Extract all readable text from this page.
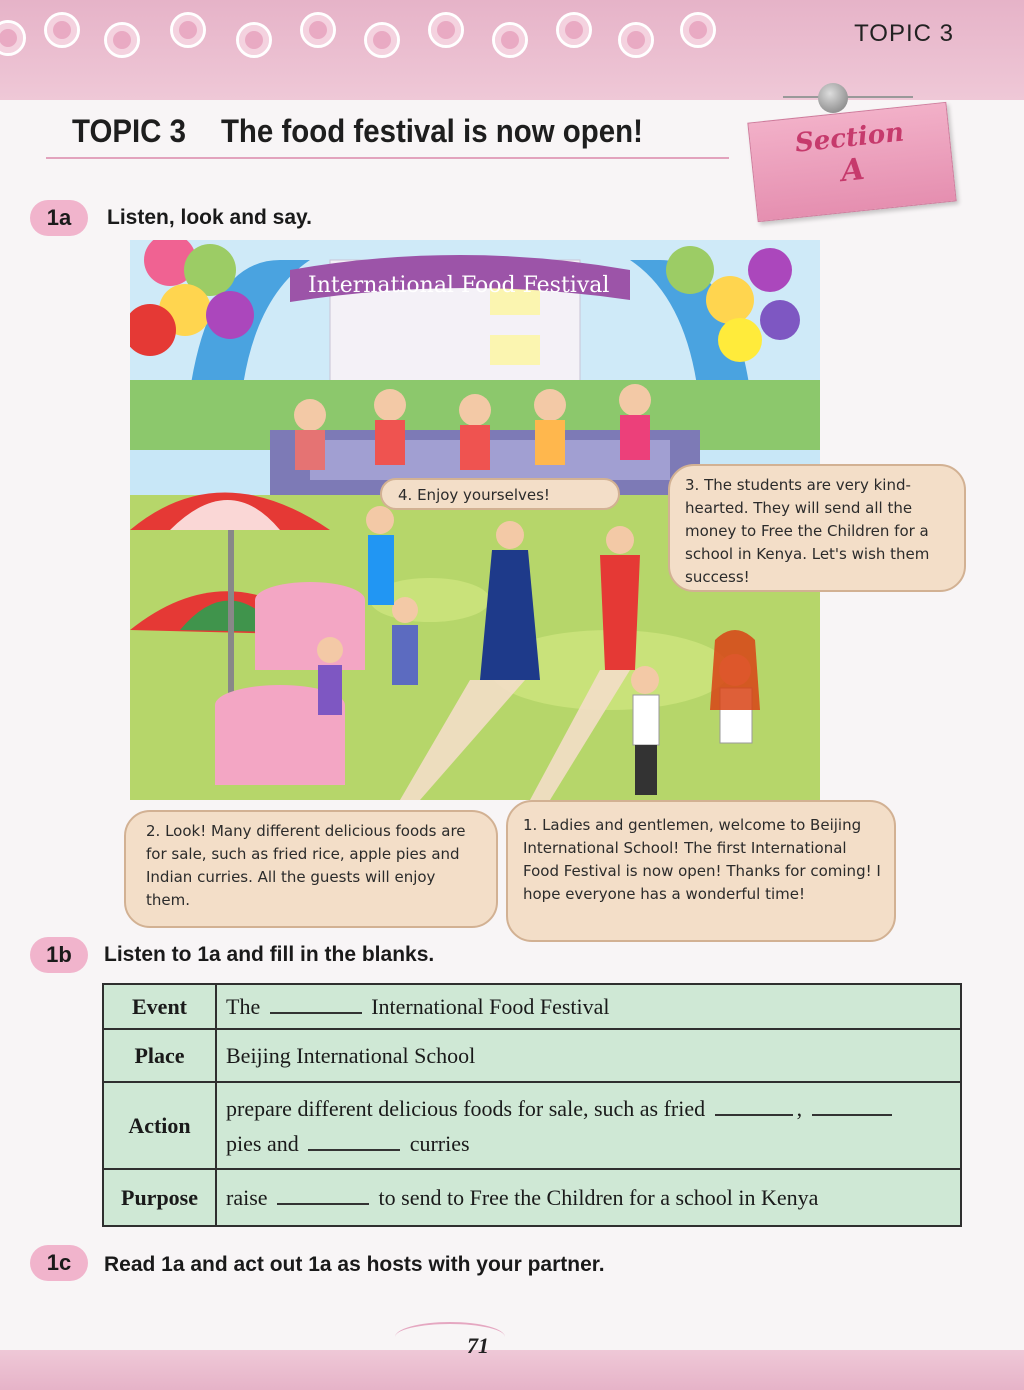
TOPIC 3
TOPIC 3 The food festival is now open!	Section
A
1a	Listen, look and say.
International Food Festival
4. Enjoy yourselves!
3. The students are very kind-hearted. They will send all the money to Free the Children for a school in Kenya. Let's wish them success!
2. Look! Many different delicious foods are for sale, such as fried rice, apple pies and Indian curries. All the guests will enjoy them.
1. Ladies and gentlemen, welcome to Beijing International School! The first International Food Festival is now open! Thanks for coming! I hope everyone has a wonderful time!
1b	Listen to 1a and fill in the blanks.
Event	The International Food Festival
Place	Beijing International School
Action	prepare different delicious foods for sale, such as fried ,
pies and curries
Purpose	raise to send to Free the Children for a school in Kenya
1c	Read 1a and act out 1a as hosts with your partner.
71
